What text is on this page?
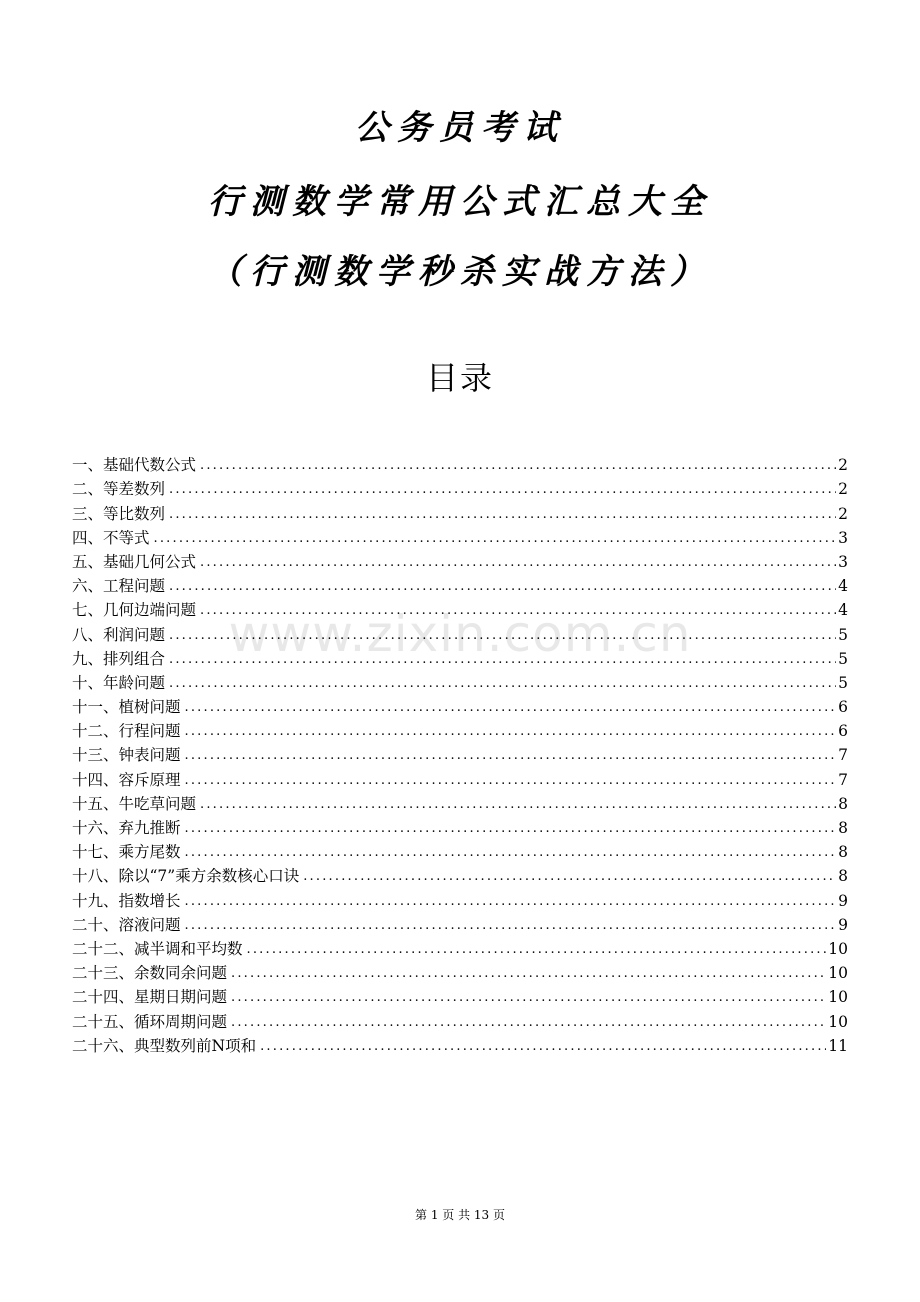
公务员考试
行测数学常用公式汇总大全
（行测数学秒杀实战方法）
目录
一、基础代数公式 .....	2
二、等差数列 .....	2
三、等比数列 .....	2
四、不等式 .....	3
五、基础几何公式 .....	3
六、工程问题 .....	4
七、几何边端问题 .....	4
八、利润问题 .....	5
九、排列组合 .....	5
十、年龄问题 .....	5
十一、植树问题 .....	6
十二、行程问题 .....	6
十三、钟表问题 .....	7
十四、容斥原理 .....	7
十五、牛吃草问题 .....	8
十六、弃九推断 .....	8
十七、乘方尾数 .....	8
十八、除以“7”乘方余数核心口诀 .....	8
十九、指数增长 .....	9
二十、溶液问题 .....	9
二十二、减半调和平均数 .....	10
二十三、余数同余问题 .....	10
二十四、星期日期问题 .....	10
二十五、循环周期问题 .....	10
二十六、典型数列前N项和 .....	11
www.zixin.com.cn
第 1 页 共 13 页
